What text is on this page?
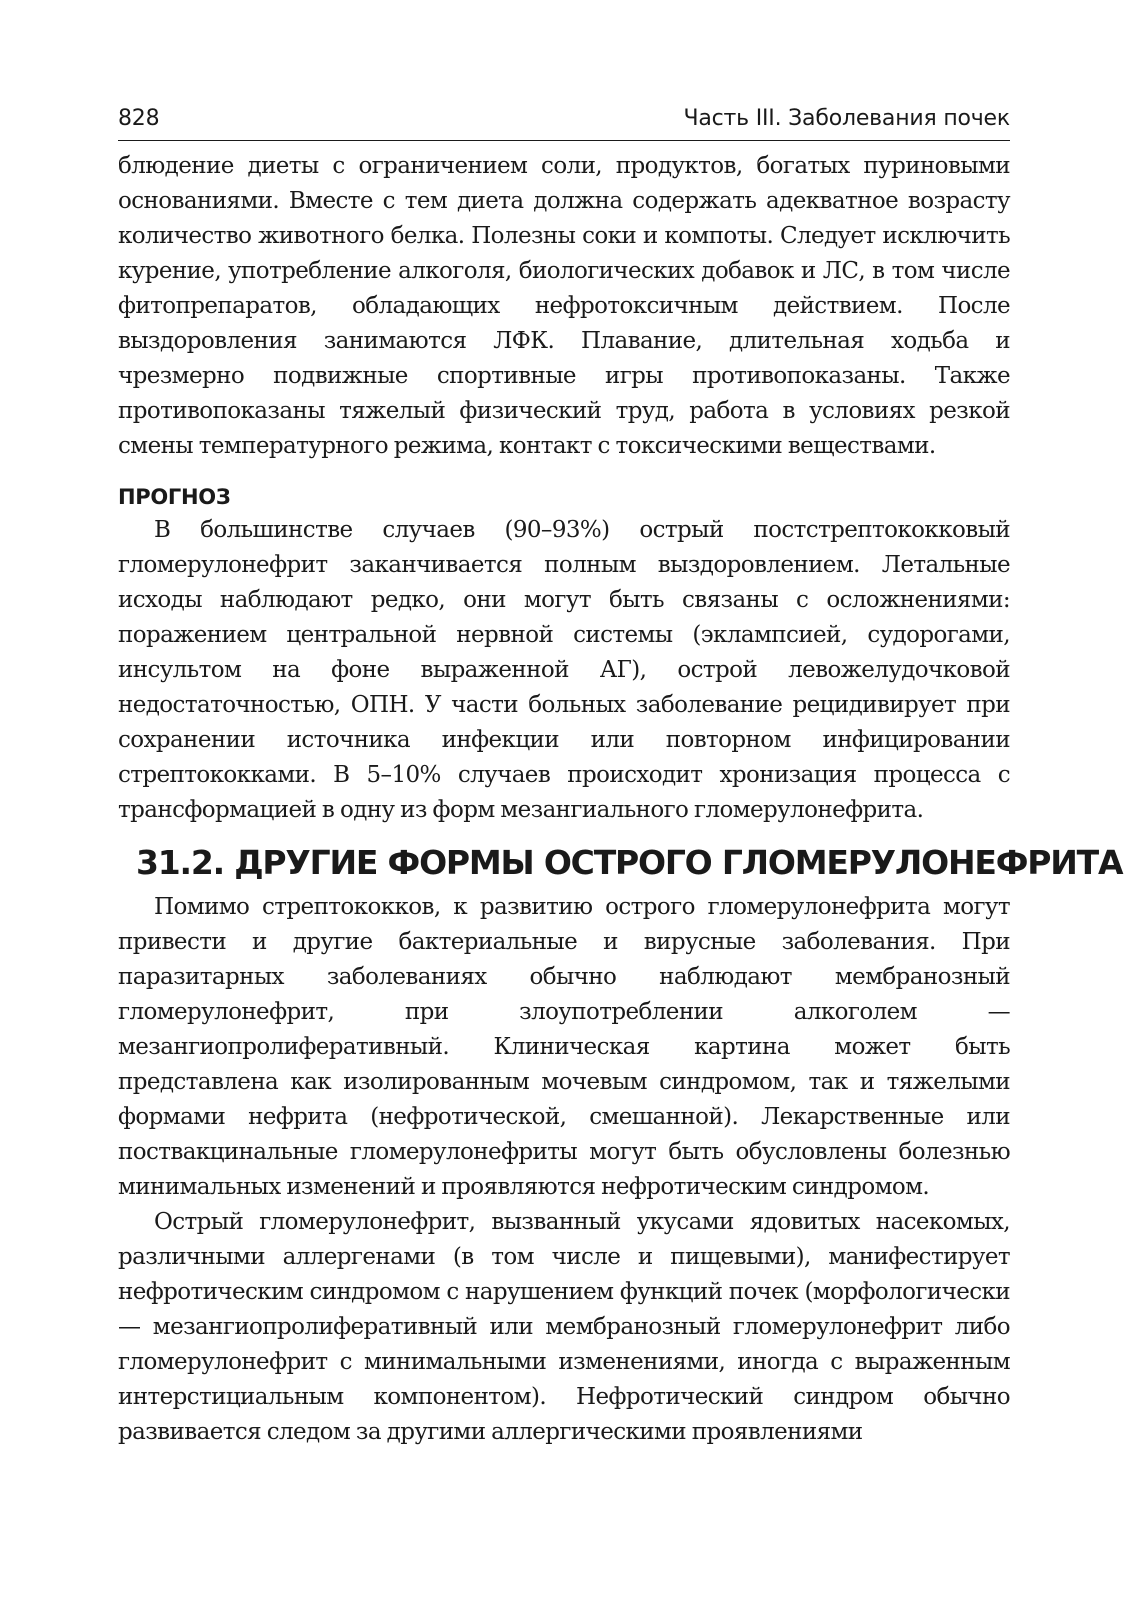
828	Часть III. Заболевания почек

блюдение диеты с ограничением соли, продуктов, богатых пуриновыми основаниями. Вместе с тем диета должна содержать адекватное возрасту количество животного белка. Полезны соки и компоты. Следует исключить курение, употребление алкоголя, биологических добавок и ЛС, в том числе фитопрепаратов, обладающих нефротоксичным действием. После выздоровления занимаются ЛФК. Плавание, длительная ходьба и чрезмерно подвижные спортивные игры противопоказаны. Также противопоказаны тяжелый физический труд, работа в условиях резкой смены температурного режима, контакт с токсическими веществами.

ПРОГНОЗ

В большинстве случаев (90–93%) острый постстрептококковый гломерулонефрит заканчивается полным выздоровлением. Летальные исходы наблюдают редко, они могут быть связаны с осложнениями: поражением центральной нервной системы (эклампсией, судорогами, инсультом на фоне выраженной АГ), острой левожелудочковой недостаточностью, ОПН. У части больных заболевание рецидивирует при сохранении источника инфекции или повторном инфицировании стрептококками. В 5–10% случаев происходит хронизация процесса с трансформацией в одну из форм мезангиального гломерулонефрита.

31.2. ДРУГИЕ ФОРМЫ ОСТРОГО ГЛОМЕРУЛОНЕФРИТА

Помимо стрептококков, к развитию острого гломерулонефрита могут привести и другие бактериальные и вирусные заболевания. При паразитарных заболеваниях обычно наблюдают мембранозный гломерулонефрит, при злоупотреблении алкоголем — мезангиопролиферативный. Клиническая картина может быть представлена как изолированным мочевым синдромом, так и тяжелыми формами нефрита (нефротической, смешанной). Лекарственные или поствакцинальные гломерулонефриты могут быть обусловлены болезнью минимальных изменений и проявляются нефротическим синдромом.

Острый гломерулонефрит, вызванный укусами ядовитых насекомых, различными аллергенами (в том числе и пищевыми), манифестирует нефротическим синдромом с нарушением функций почек (морфологически — мезангиопролиферативный или мембранозный гломерулонефрит либо гломерулонефрит с минимальными изменениями, иногда с выраженным интерстициальным компонентом). Нефротический синдром обычно развивается следом за другими аллергическими проявлениями
